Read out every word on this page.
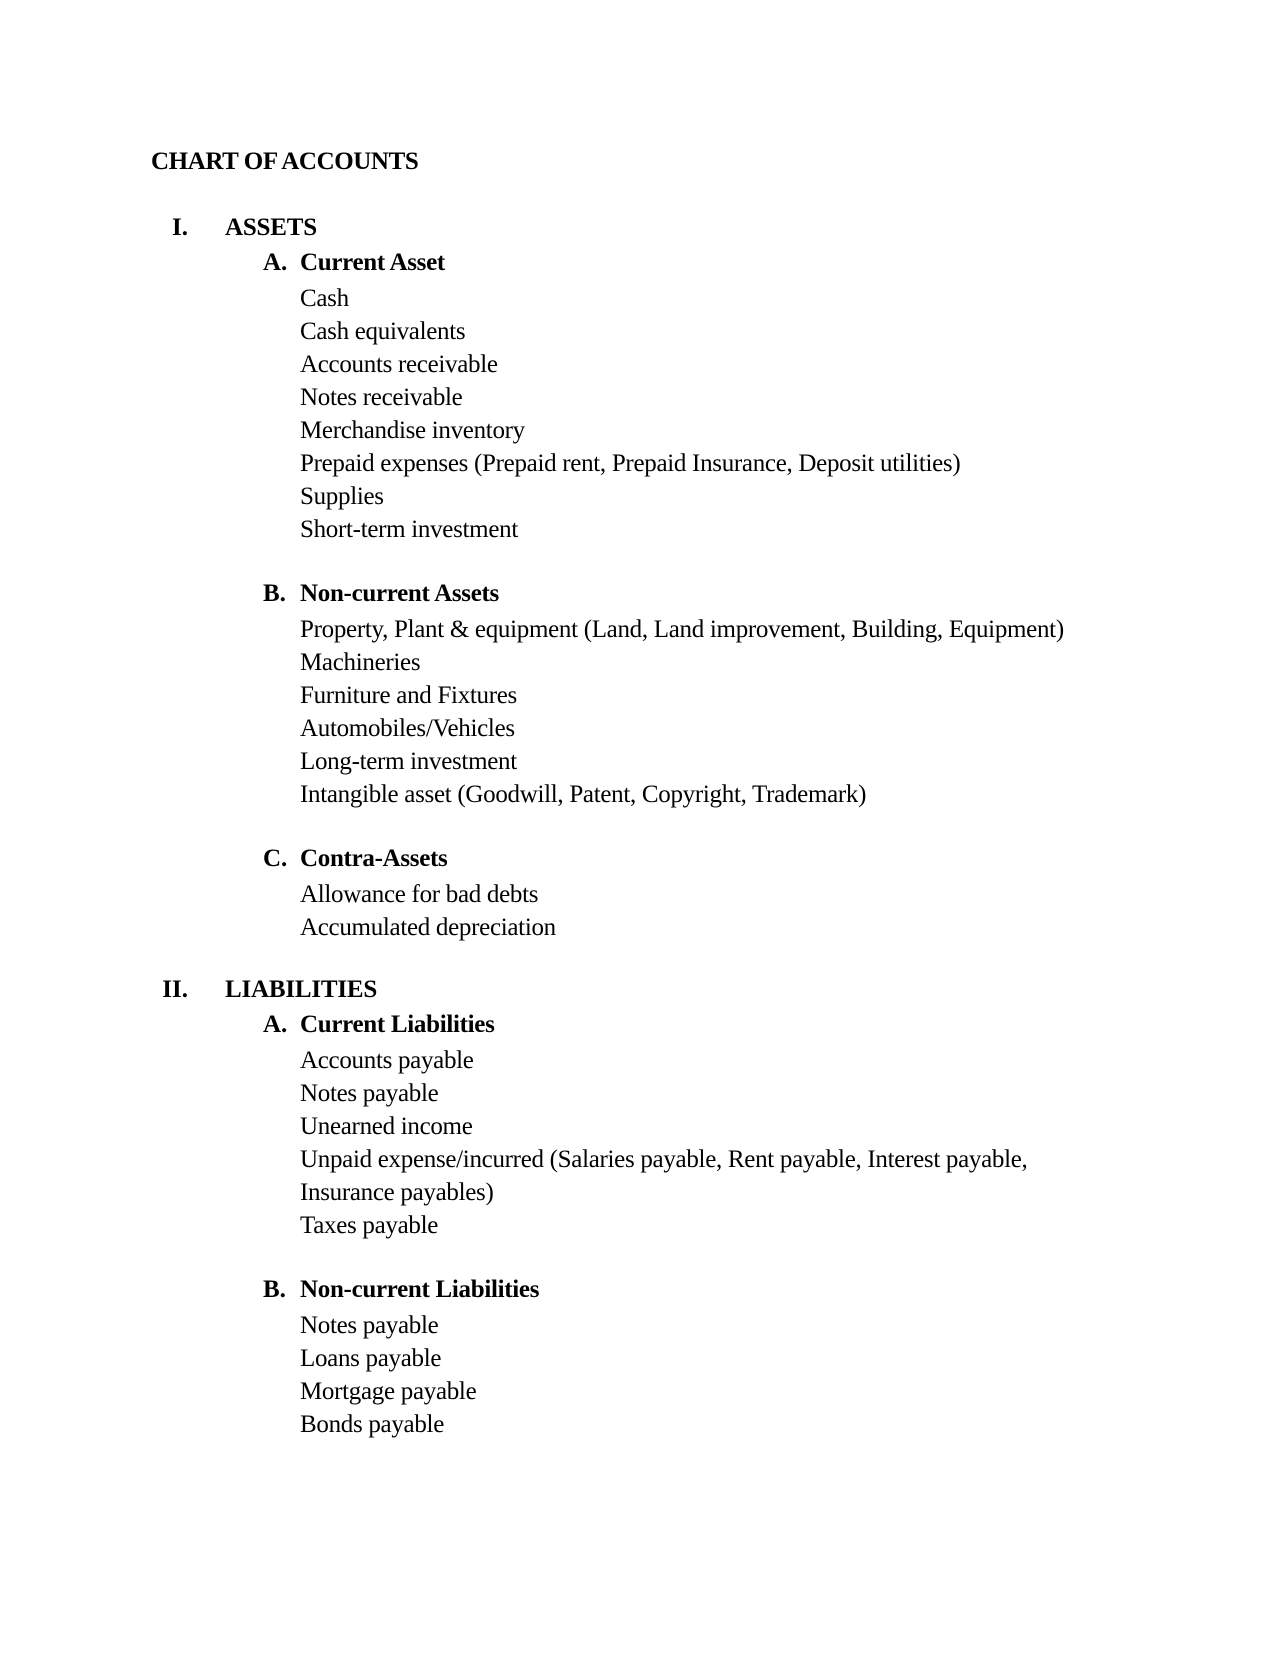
CHART OF ACCOUNTS
I. ASSETS
A. Current Asset
Cash
Cash equivalents
Accounts receivable
Notes receivable
Merchandise inventory
Prepaid expenses (Prepaid rent, Prepaid Insurance, Deposit utilities)
Supplies
Short-term investment
B. Non-current Assets
Property, Plant & equipment (Land, Land improvement, Building, Equipment)
Machineries
Furniture and Fixtures
Automobiles/Vehicles
Long-term investment
Intangible asset (Goodwill, Patent, Copyright, Trademark)
C. Contra-Assets
Allowance for bad debts
Accumulated depreciation
II. LIABILITIES
A. Current Liabilities
Accounts payable
Notes payable
Unearned income
Unpaid expense/incurred (Salaries payable, Rent payable, Interest payable, Insurance payables)
Taxes payable
B. Non-current Liabilities
Notes payable
Loans payable
Mortgage payable
Bonds payable
